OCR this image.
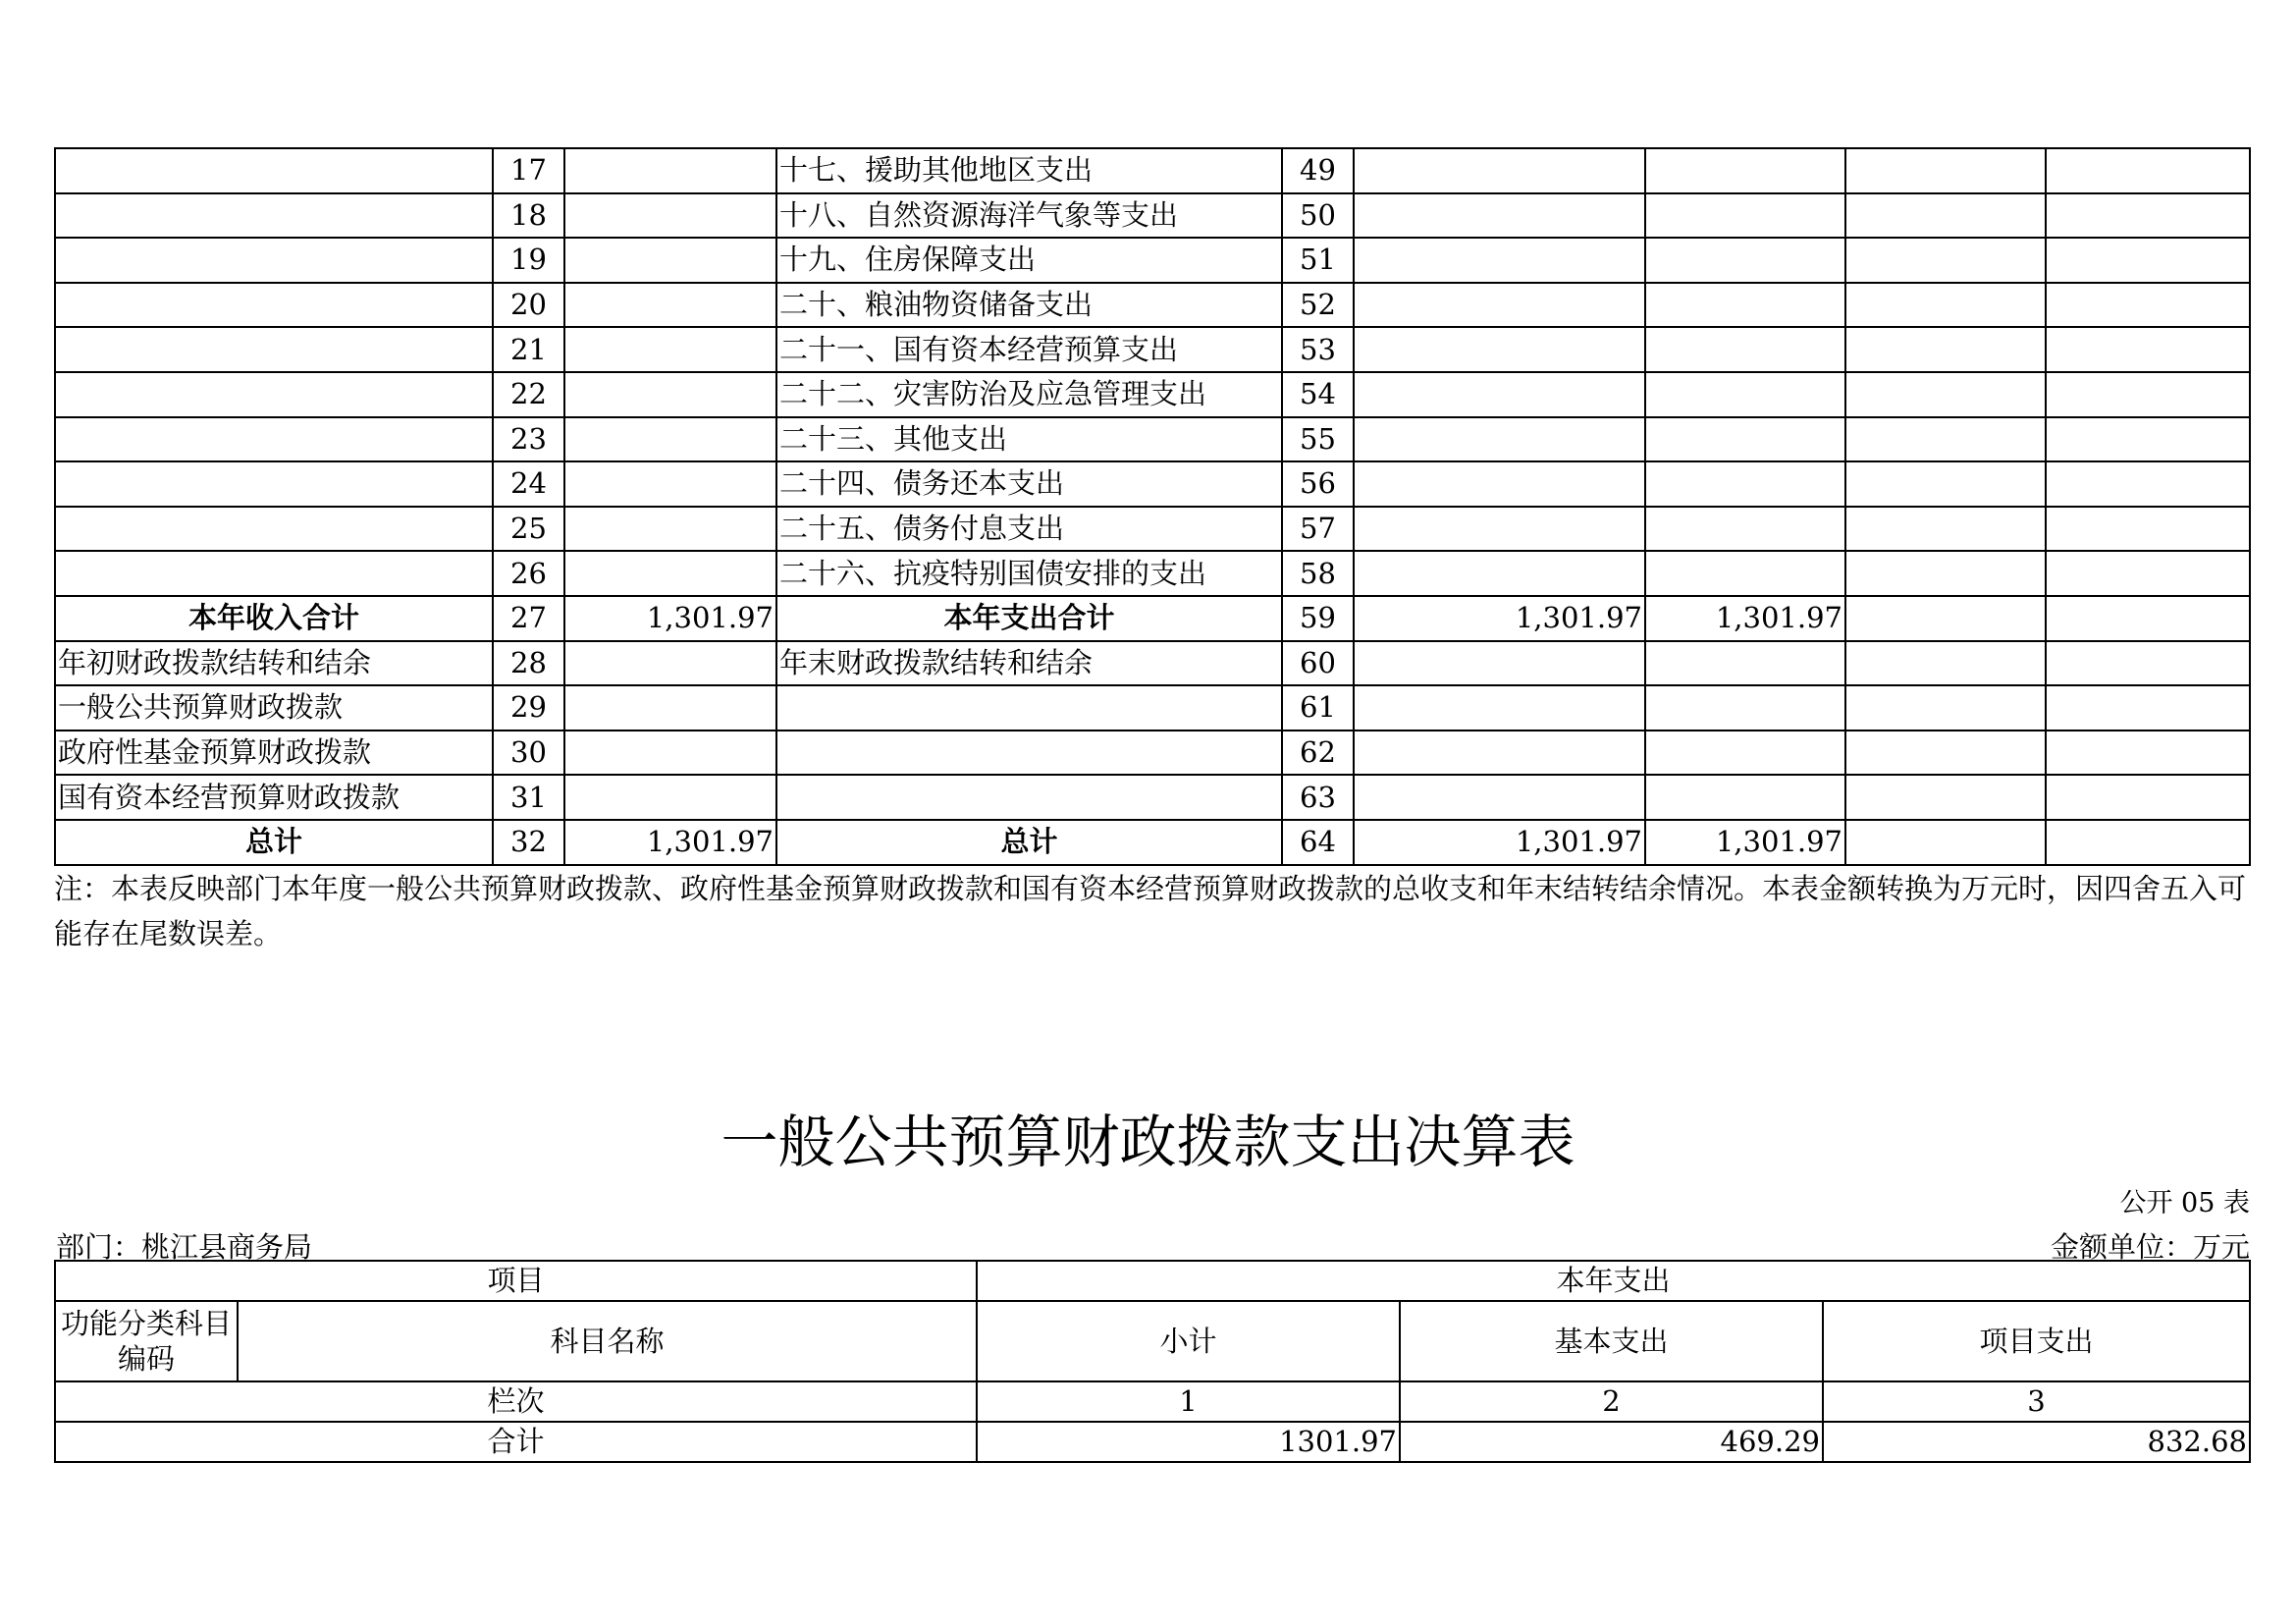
	17		十七、援助其他地区支出	49				
	18		十八、自然资源海洋气象等支出	50				
	19		十九、住房保障支出	51				
	20		二十、粮油物资储备支出	52				
	21		二十一、国有资本经营预算支出	53				
	22		二十二、灾害防治及应急管理支出	54				
	23		二十三、其他支出	55				
	24		二十四、债务还本支出	56				
	25		二十五、债务付息支出	57				
	26		二十六、抗疫特别国债安排的支出	58				
本年收入合计	27	1,301.97	本年支出合计	59	1,301.97	1,301.97		
年初财政拨款结转和结余	28		年末财政拨款结转和结余	60				
一般公共预算财政拨款	29			61				
政府性基金预算财政拨款	30			62				
国有资本经营预算财政拨款	31			63				
总计	32	1,301.97	总计	64	1,301.97	1,301.97		
注：本表反映部门本年度一般公共预算财政拨款、政府性基金预算财政拨款和国有资本经营预算财政拨款的总收支和年末结转结余情况。本表金额转换为万元时，因四舍五入可能存在尾数误差。
一般公共预算财政拨款支出决算表
公开 05 表
部门：桃江县商务局	金额单位：万元
项目		本年支出		
功能分类科目编码	科目名称	小计	基本支出	项目支出
栏次		1	2	3
合计		1301.97	469.29	832.68
